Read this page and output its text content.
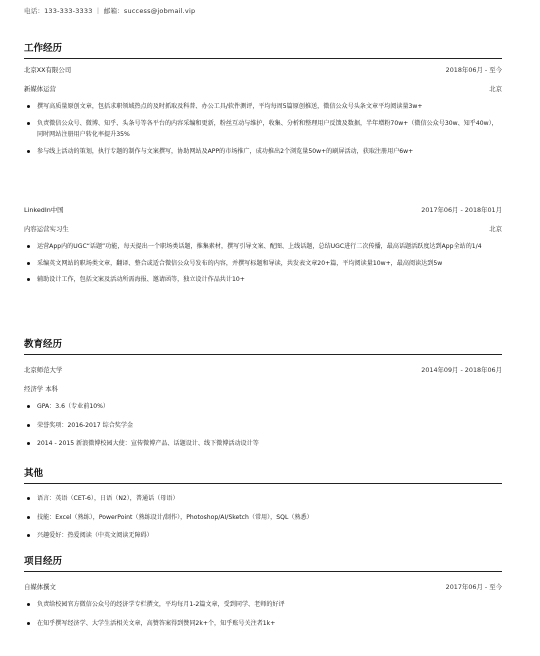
电话：133-333-3333 ｜ 邮箱：success@jobmail.vip
工作经历
北京XX有限公司	2018年06月 - 至今
新媒体运营	北京
撰写高质量原创文章，包括求职领域热点的及时抓取及科普、办公工具/软件测评，平均每周5篇原创推送，微信公众号头条文章平均阅读量3w+
负责微信公众号、微博、知乎、头条号等各平台的内容采编和更新，粉丝互动与维护，收集、分析和整理用户反馈及数据，半年增粉70w+（微信公众号30w、知乎40w），同时网站注册用户转化率提升35%
参与线上活动的策划，执行专题的制作与文案撰写，协助网站及APP的市场推广，成功推出2个浏览量50w+的刷屏活动，获取注册用户6w+
LinkedIn中国	2017年06月 - 2018年01月
内容运营实习生	北京
运营App内的UGC“话题”功能，每天提出一个职场类话题，推集素材，撰写引导文案、配图、上线话题，总结UGC进行二次传播，最高话题活跃度达到App全站的1/4
采编英文网站的职场类文章，翻译、整合或适合微信公众号发布的内容，并撰写标题和导读，共发表文章20+篇，平均阅读量10w+，最高阅读达到5w
辅助设计工作，包括文案及活动所需海报、邀请函等，独立设计作品共计10+
教育经历
北京师范大学	2014年09月 - 2018年06月
经济学 本科
GPA：3.6（专业前10%）
荣誉奖项：2016-2017 综合奖学金
2014 - 2015 新浪微博校园大使：宣传微博产品、话题设计、线下微博活动设计等
其他
语言：英语（CET-6），日语（N2），普通话（母语）
技能：Excel（熟练），PowerPoint（熟练设计/制作），Photoshop/AI/Sketch（常用），SQL（熟悉）
兴趣爱好：热爱阅读（中英文阅读无障碍）
项目经历
自媒体撰文	2017年06月 - 至今
负责给校园官方微信公众号的经济学专栏撰文，平均每月1-2篇文章，受到同学、老师的好评
在知乎撰写经济学、大学生活相关文章，高赞答案得到赞同2k+个，知乎账号关注者1k+
